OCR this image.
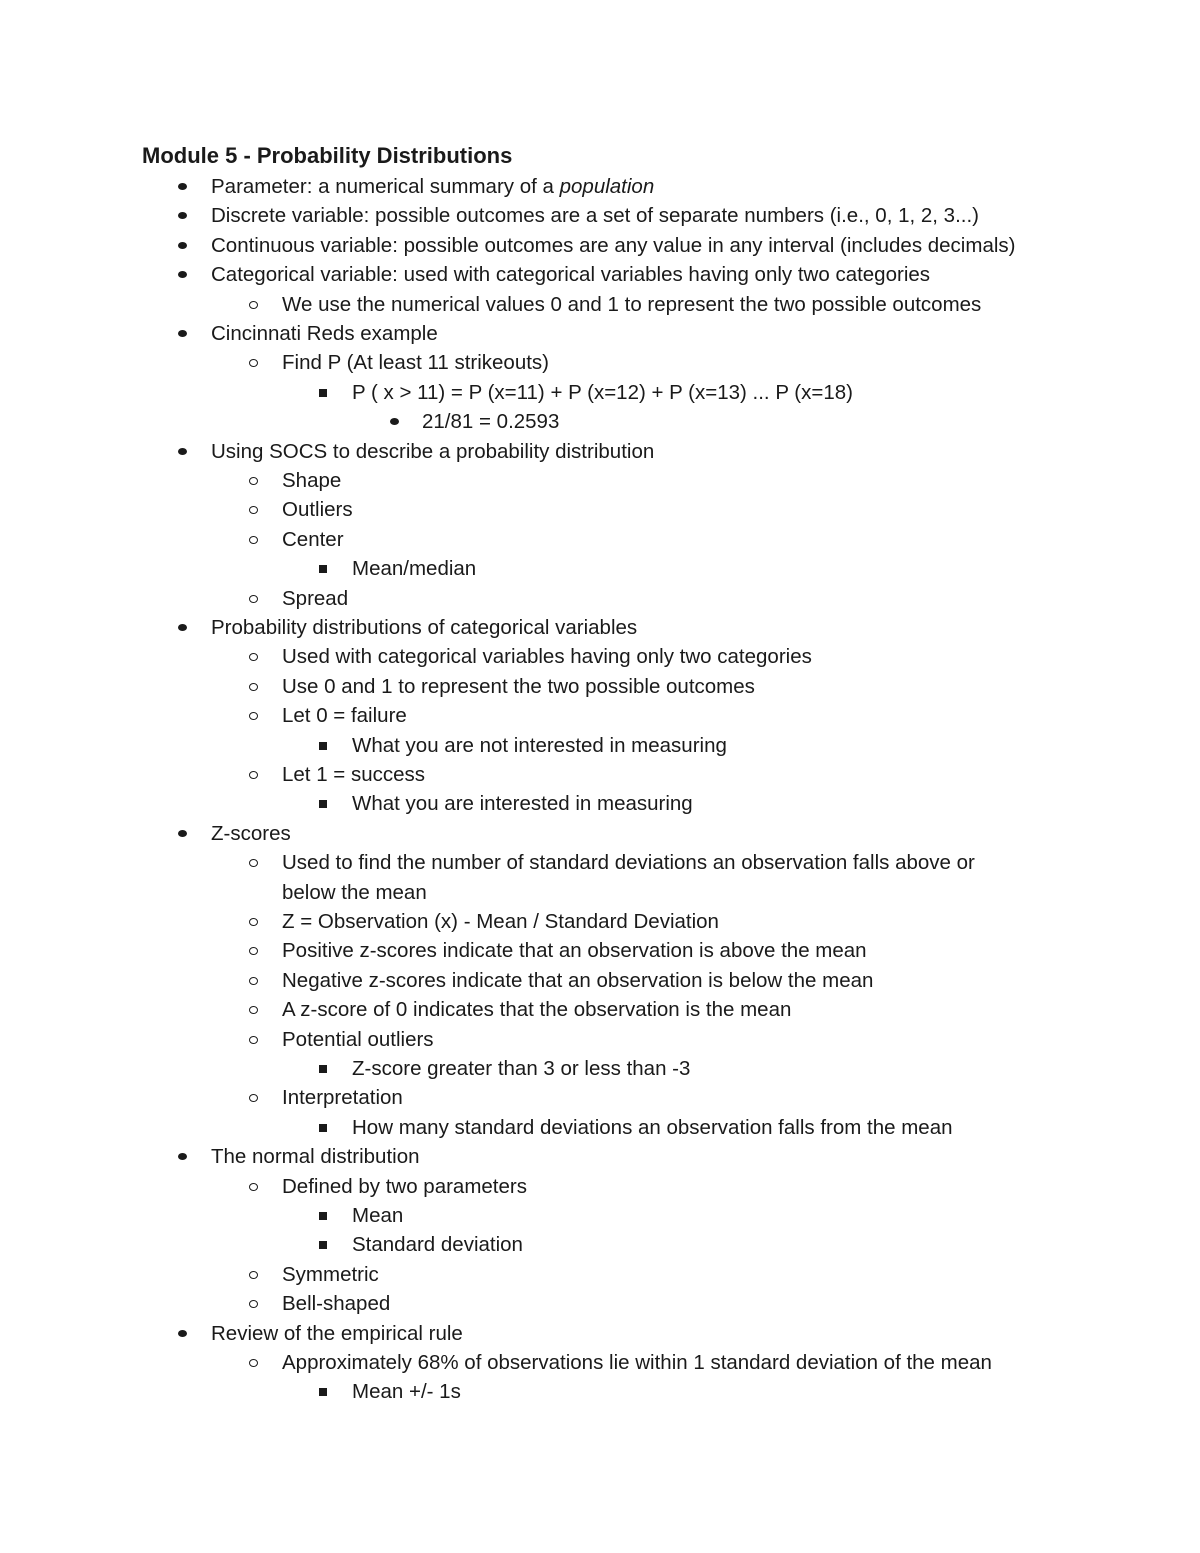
Module 5 - Probability Distributions
Parameter: a numerical summary of a population
Discrete variable: possible outcomes are a set of separate numbers (i.e., 0, 1, 2, 3...)
Continuous variable: possible outcomes are any value in any interval (includes decimals)
Categorical variable: used with categorical variables having only two categories
We use the numerical values 0 and 1 to represent the two possible outcomes
Cincinnati Reds example
Find P (At least 11 strikeouts)
P ( x > 11) = P (x=11) + P (x=12) + P (x=13) ... P (x=18)
21/81 = 0.2593
Using SOCS to describe a probability distribution
Shape
Outliers
Center
Mean/median
Spread
Probability distributions of categorical variables
Used with categorical variables having only two categories
Use 0 and 1 to represent the two possible outcomes
Let 0 = failure
What you are not interested in measuring
Let 1 = success
What you are interested in measuring
Z-scores
Used to find the number of standard deviations an observation falls above or
below the mean
Z = Observation (x) - Mean / Standard Deviation
Positive z-scores indicate that an observation is above the mean
Negative z-scores indicate that an observation is below the mean
A z-score of 0 indicates that the observation is the mean
Potential outliers
Z-score greater than 3 or less than -3
Interpretation
How many standard deviations an observation falls from the mean
The normal distribution
Defined by two parameters
Mean
Standard deviation
Symmetric
Bell-shaped
Review of the empirical rule
Approximately 68% of observations lie within 1 standard deviation of the mean
Mean +/- 1s
